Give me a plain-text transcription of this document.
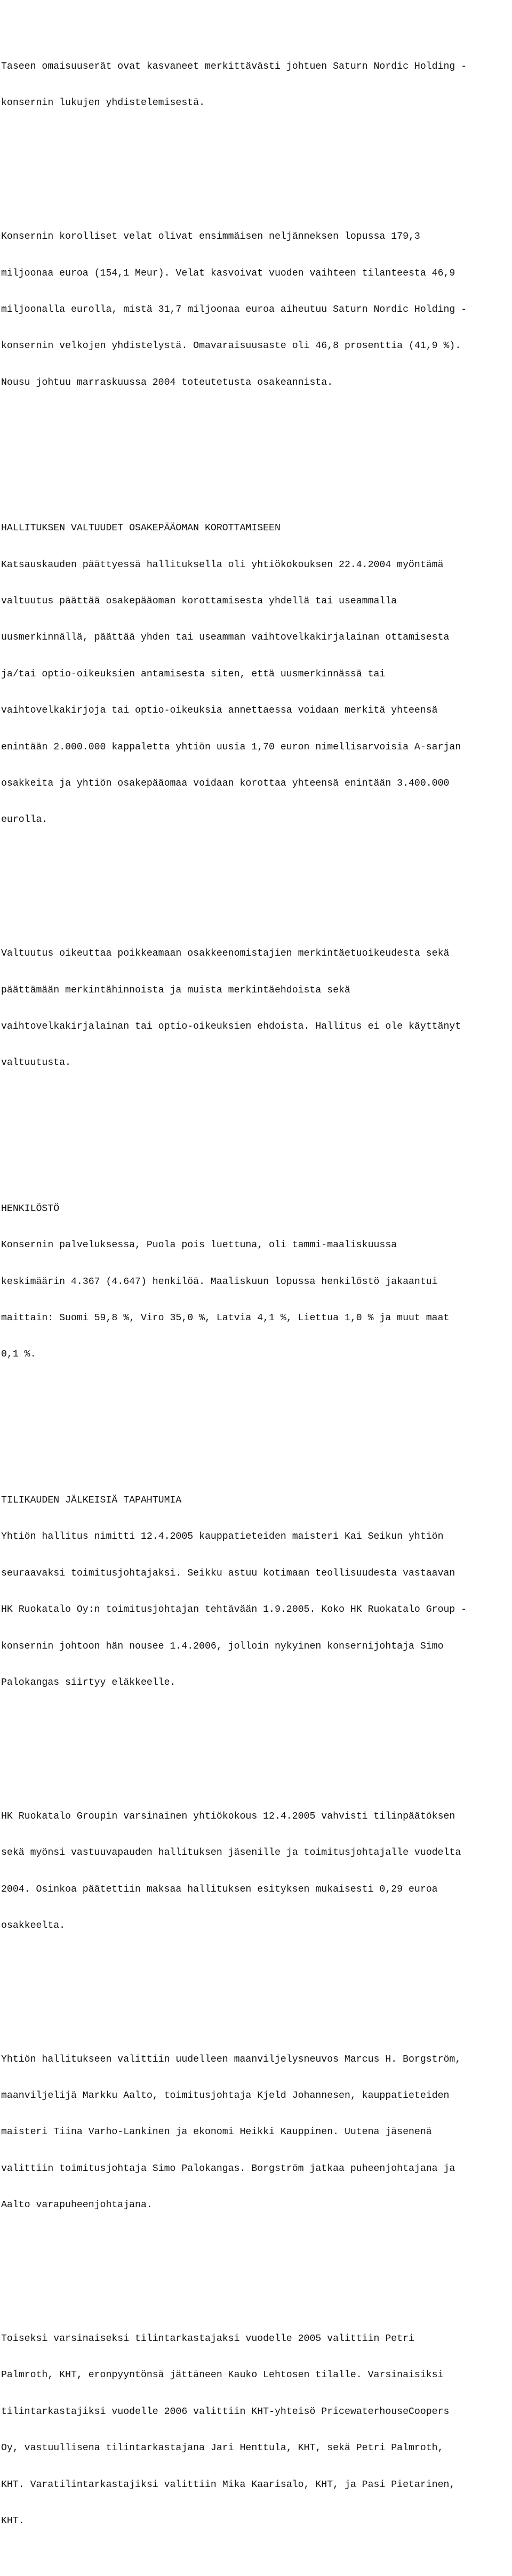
Taseen omaisuuserät ovat kasvaneet merkittävästi johtuen Saturn Nordic Holding -

konsernin lukujen yhdistelemisestä.

Konsernin korolliset velat olivat ensimmäisen neljänneksen lopussa 179,3

miljoonaa euroa (154,1 Meur). Velat kasvoivat vuoden vaihteen tilanteesta 46,9

miljoonalla eurolla, mistä 31,7 miljoonaa euroa aiheutuu Saturn Nordic Holding -

konsernin velkojen yhdistelystä. Omavaraisuusaste oli 46,8 prosenttia (41,9 %).

Nousu johtuu marraskuussa 2004 toteutetusta osakeannista.

HALLITUKSEN VALTUUDET OSAKEPÄÄOMAN KOROTTAMISEEN

Katsauskauden päättyessä hallituksella oli yhtiökokouksen 22.4.2004 myöntämä

valtuutus päättää osakepääoman korottamisesta yhdellä tai useammalla

uusmerkinnällä, päättää yhden tai useamman vaihtovelkakirjalainan ottamisesta

ja/tai optio-oikeuksien antamisesta siten, että uusmerkinnässä tai

vaihtovelkakirjoja tai optio-oikeuksia annettaessa voidaan merkitä yhteensä

enintään 2.000.000 kappaletta yhtiön uusia 1,70 euron nimellisarvoisia A-sarjan

osakkeita ja yhtiön osakepääomaa voidaan korottaa yhteensä enintään 3.400.000

eurolla.

Valtuutus oikeuttaa poikkeamaan osakkeenomistajien merkintäetuoikeudesta sekä

päättämään merkintähinnoista ja muista merkintäehdoista sekä

vaihtovelkakirjalainan tai optio-oikeuksien ehdoista. Hallitus ei ole käyttänyt

valtuutusta.

HENKILÖSTÖ

Konsernin palveluksessa, Puola pois luettuna, oli tammi-maaliskuussa

keskimäärin 4.367 (4.647) henkilöä. Maaliskuun lopussa henkilöstö jakaantui

maittain: Suomi 59,8 %, Viro 35,0 %, Latvia 4,1 %, Liettua 1,0 % ja muut maat

0,1 %.

TILIKAUDEN JÄLKEISIÄ TAPAHTUMIA

Yhtiön hallitus nimitti 12.4.2005 kauppatieteiden maisteri Kai Seikun yhtiön

seuraavaksi toimitusjohtajaksi. Seikku astuu kotimaan teollisuudesta vastaavan

HK Ruokatalo Oy:n toimitusjohtajan tehtävään 1.9.2005. Koko HK Ruokatalo Group -

konsernin johtoon hän nousee 1.4.2006, jolloin nykyinen konsernijohtaja Simo

Palokangas siirtyy eläkkeelle.

HK Ruokatalo Groupin varsinainen yhtiökokous 12.4.2005 vahvisti tilinpäätöksen

sekä myönsi vastuuvapauden hallituksen jäsenille ja toimitusjohtajalle vuodelta

2004. Osinkoa päätettiin maksaa hallituksen esityksen mukaisesti 0,29 euroa

osakkeelta.

Yhtiön hallitukseen valittiin uudelleen maanviljelysneuvos Marcus H. Borgström,

maanviljelijä Markku Aalto, toimitusjohtaja Kjeld Johannesen, kauppatieteiden

maisteri Tiina Varho-Lankinen ja ekonomi Heikki Kauppinen. Uutena jäsenenä

valittiin toimitusjohtaja Simo Palokangas. Borgström jatkaa puheenjohtajana ja

Aalto varapuheenjohtajana.

Toiseksi varsinaiseksi tilintarkastajaksi vuodelle 2005 valittiin Petri

Palmroth, KHT, eronpyyntönsä jättäneen Kauko Lehtosen tilalle. Varsinaisiksi

tilintarkastajiksi vuodelle 2006 valittiin KHT-yhteisö PricewaterhouseCoopers

Oy, vastuullisena tilintarkastajana Jari Henttula, KHT, sekä Petri Palmroth,

KHT. Varatilintarkastajiksi valittiin Mika Kaarisalo, KHT, ja Pasi Pietarinen,

KHT.
